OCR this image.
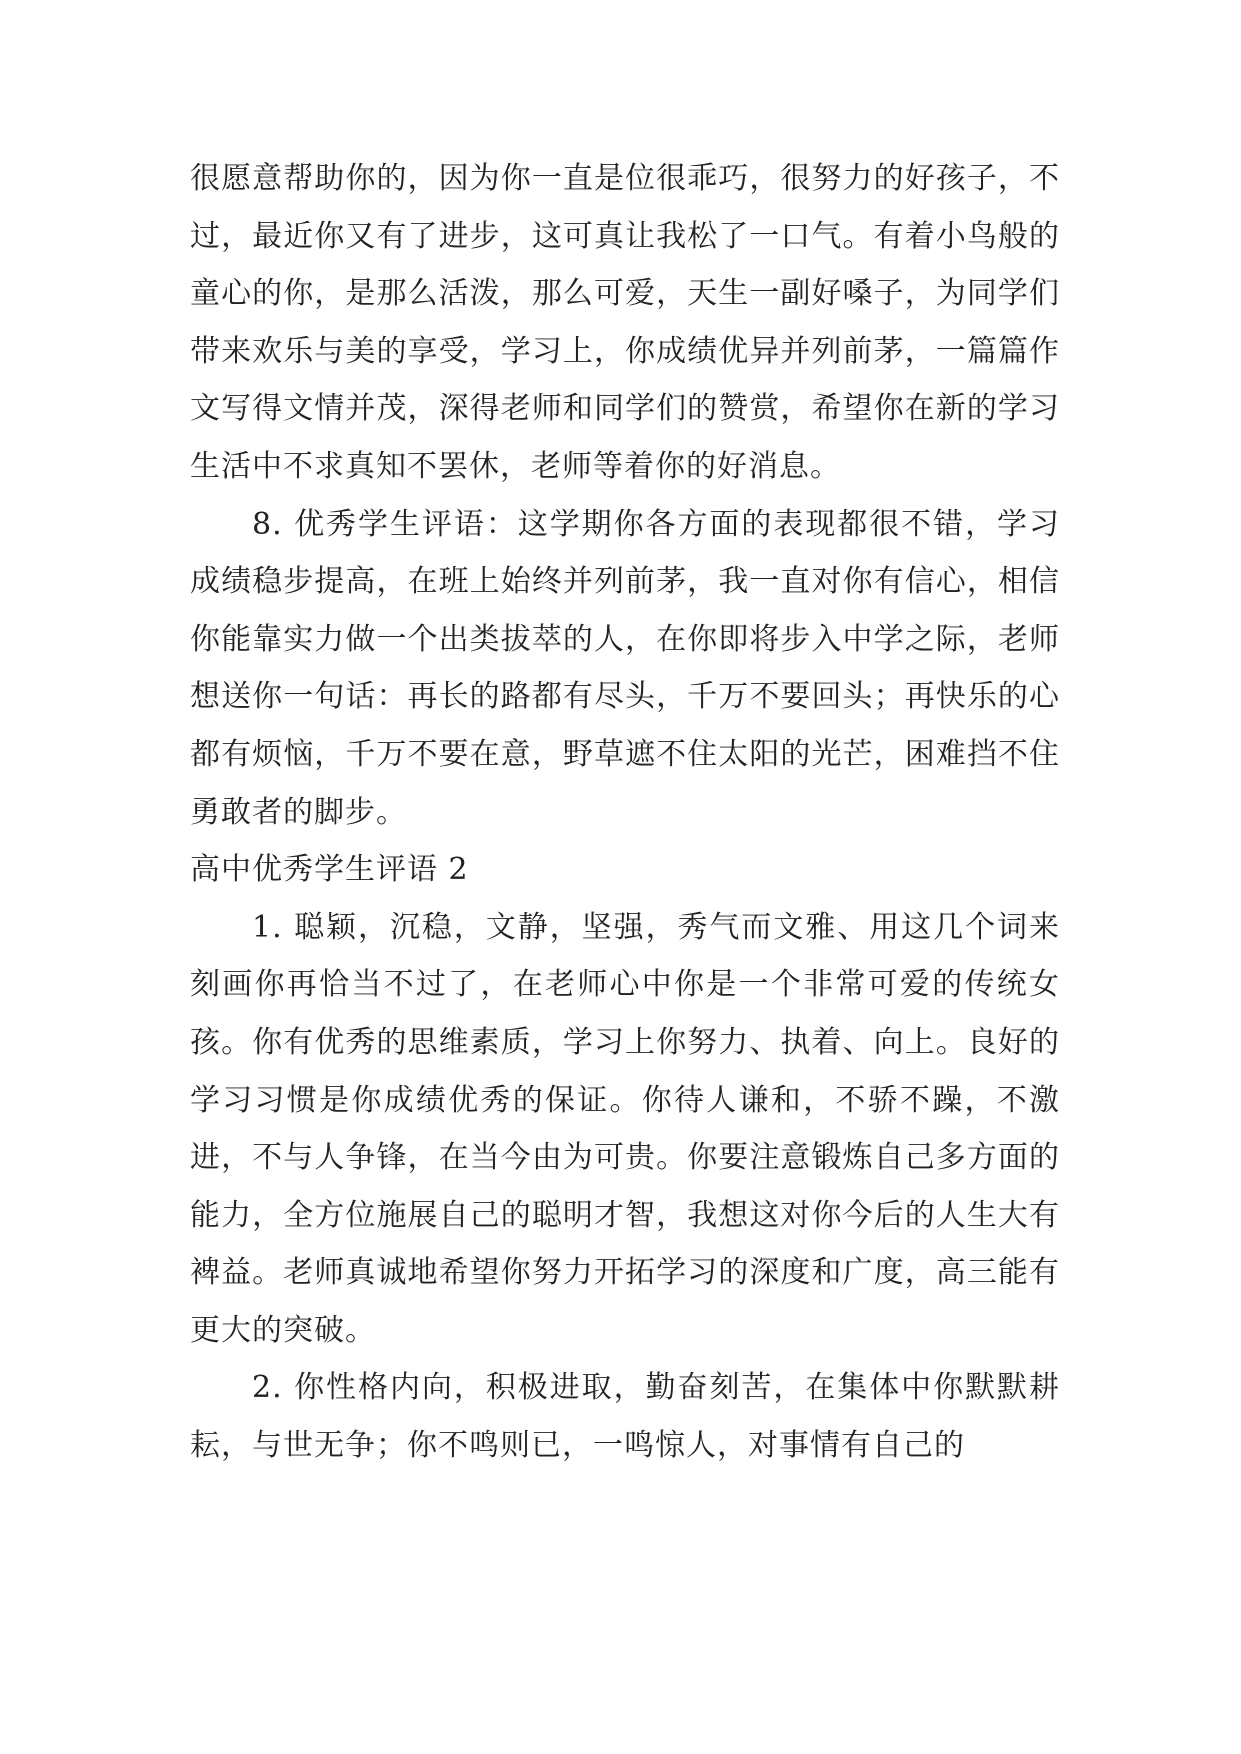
很愿意帮助你的，因为你一直是位很乖巧，很努力的好孩子，不过，最近你又有了进步，这可真让我松了一口气。有着小鸟般的童心的你，是那么活泼，那么可爱，天生一副好嗓子，为同学们带来欢乐与美的享受，学习上，你成绩优异并列前茅，一篇篇作文写得文情并茂，深得老师和同学们的赞赏，希望你在新的学习生活中不求真知不罢休，老师等着你的好消息。

8. 优秀学生评语：这学期你各方面的表现都很不错，学习成绩稳步提高，在班上始终并列前茅，我一直对你有信心，相信你能靠实力做一个出类拔萃的人，在你即将步入中学之际，老师想送你一句话：再长的路都有尽头，千万不要回头；再快乐的心都有烦恼，千万不要在意，野草遮不住太阳的光芒，困难挡不住勇敢者的脚步。

高中优秀学生评语 2

1. 聪颖，沉稳，文静，坚强，秀气而文雅、用这几个词来刻画你再恰当不过了，在老师心中你是一个非常可爱的传统女孩。你有优秀的思维素质，学习上你努力、执着、向上。良好的学习习惯是你成绩优秀的保证。你待人谦和，不骄不躁，不激进，不与人争锋，在当今由为可贵。你要注意锻炼自己多方面的能力，全方位施展自己的聪明才智，我想这对你今后的人生大有裨益。老师真诚地希望你努力开拓学习的深度和广度，高三能有更大的突破。

2. 你性格内向，积极进取，勤奋刻苦，在集体中你默默耕耘，与世无争；你不鸣则已，一鸣惊人，对事情有自己的
